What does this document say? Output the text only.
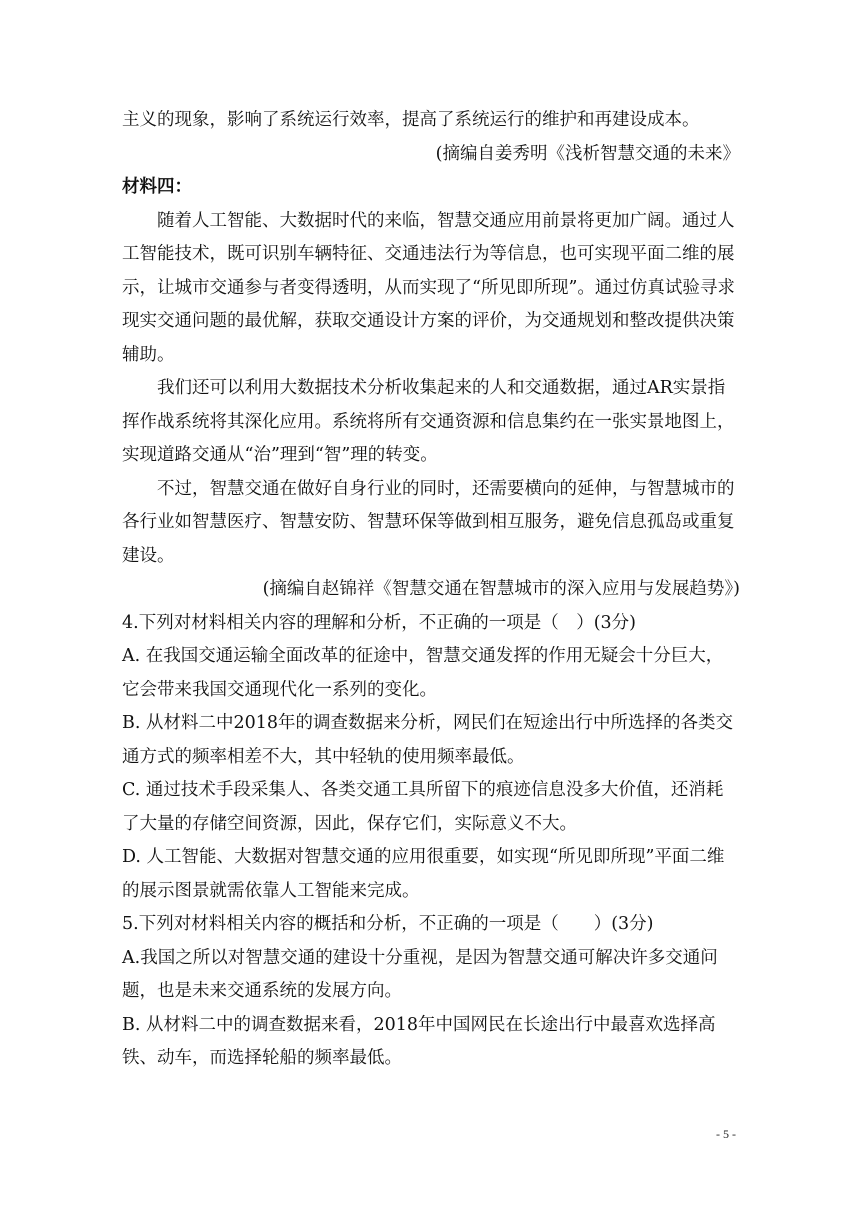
主义的现象，影响了系统运行效率，提高了系统运行的维护和再建设成本。

(摘编自姜秀明《浅析智慧交通的未来》

材料四：

随着人工智能、大数据时代的来临，智慧交通应用前景将更加广阔。通过人工智能技术，既可识别车辆特征、交通违法行为等信息，也可实现平面二维的展示，让城市交通参与者变得透明，从而实现了“所见即所现”。通过仿真试验寻求现实交通问题的最优解，获取交通设计方案的评价，为交通规划和整改提供决策辅助。

我们还可以利用大数据技术分析收集起来的人和交通数据，通过AR实景指挥作战系统将其深化应用。系统将所有交通资源和信息集约在一张实景地图上，实现道路交通从“治”理到“智”理的转变。

不过，智慧交通在做好自身行业的同时，还需要横向的延伸，与智慧城市的各行业如智慧医疗、智慧安防、智慧环保等做到相互服务，避免信息孤岛或重复建设。

(摘编自赵锦祥《智慧交通在智慧城市的深入应用与发展趋势》)

4.下列对材料相关内容的理解和分析，不正确的一项是（　）(3分)

A. 在我国交通运输全面改革的征途中，智慧交通发挥的作用无疑会十分巨大，它会带来我国交通现代化一系列的变化。

B. 从材料二中2018年的调查数据来分析，网民们在短途出行中所选择的各类交通方式的频率相差不大，其中轻轨的使用频率最低。

C. 通过技术手段采集人、各类交通工具所留下的痕迹信息没多大价值，还消耗了大量的存储空间资源，因此，保存它们，实际意义不大。

D. 人工智能、大数据对智慧交通的应用很重要，如实现“所见即所现”平面二维的展示图景就需依靠人工智能来完成。

5.下列对材料相关内容的概括和分析，不正确的一项是（　　）(3分)

A.我国之所以对智慧交通的建设十分重视，是因为智慧交通可解决许多交通问题，也是未来交通系统的发展方向。

B. 从材料二中的调查数据来看，2018年中国网民在长途出行中最喜欢选择高铁、动车，而选择轮船的频率最低。

- 5 -
